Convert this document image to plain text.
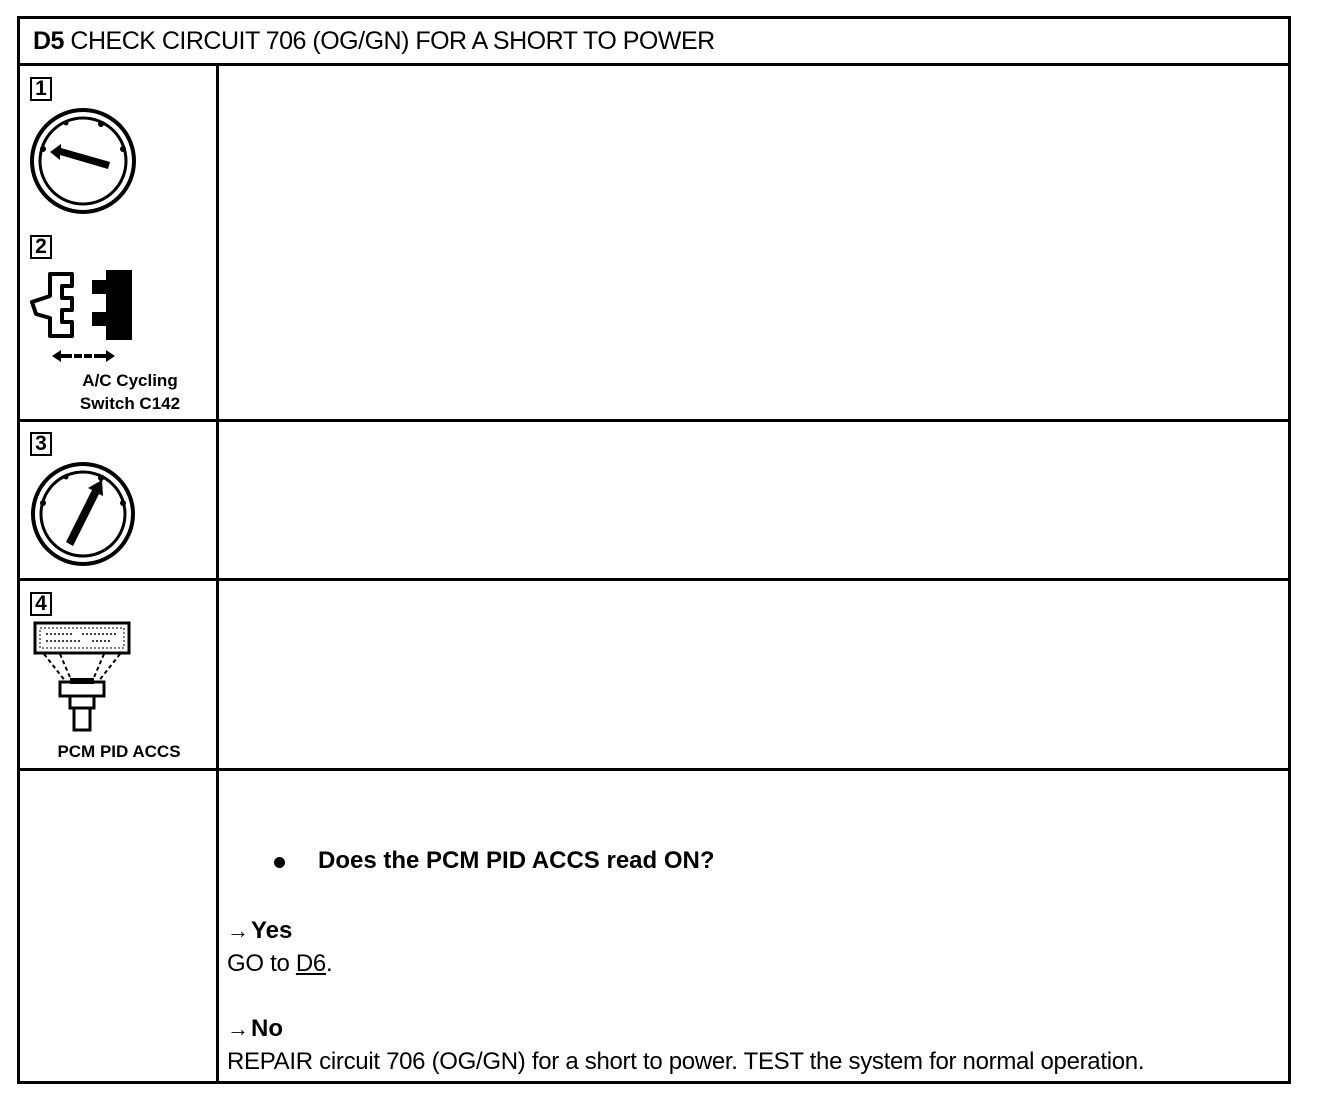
D5 CHECK CIRCUIT 706 (OG/GN) FOR A SHORT TO POWER
1
2
A/C Cycling
Switch C142
3
4
PCM PID ACCS
Does the PCM PID ACCS read ON?
→Yes
GO to D6.
→No
REPAIR circuit 706 (OG/GN) for a short to power. TEST the system for normal operation.
